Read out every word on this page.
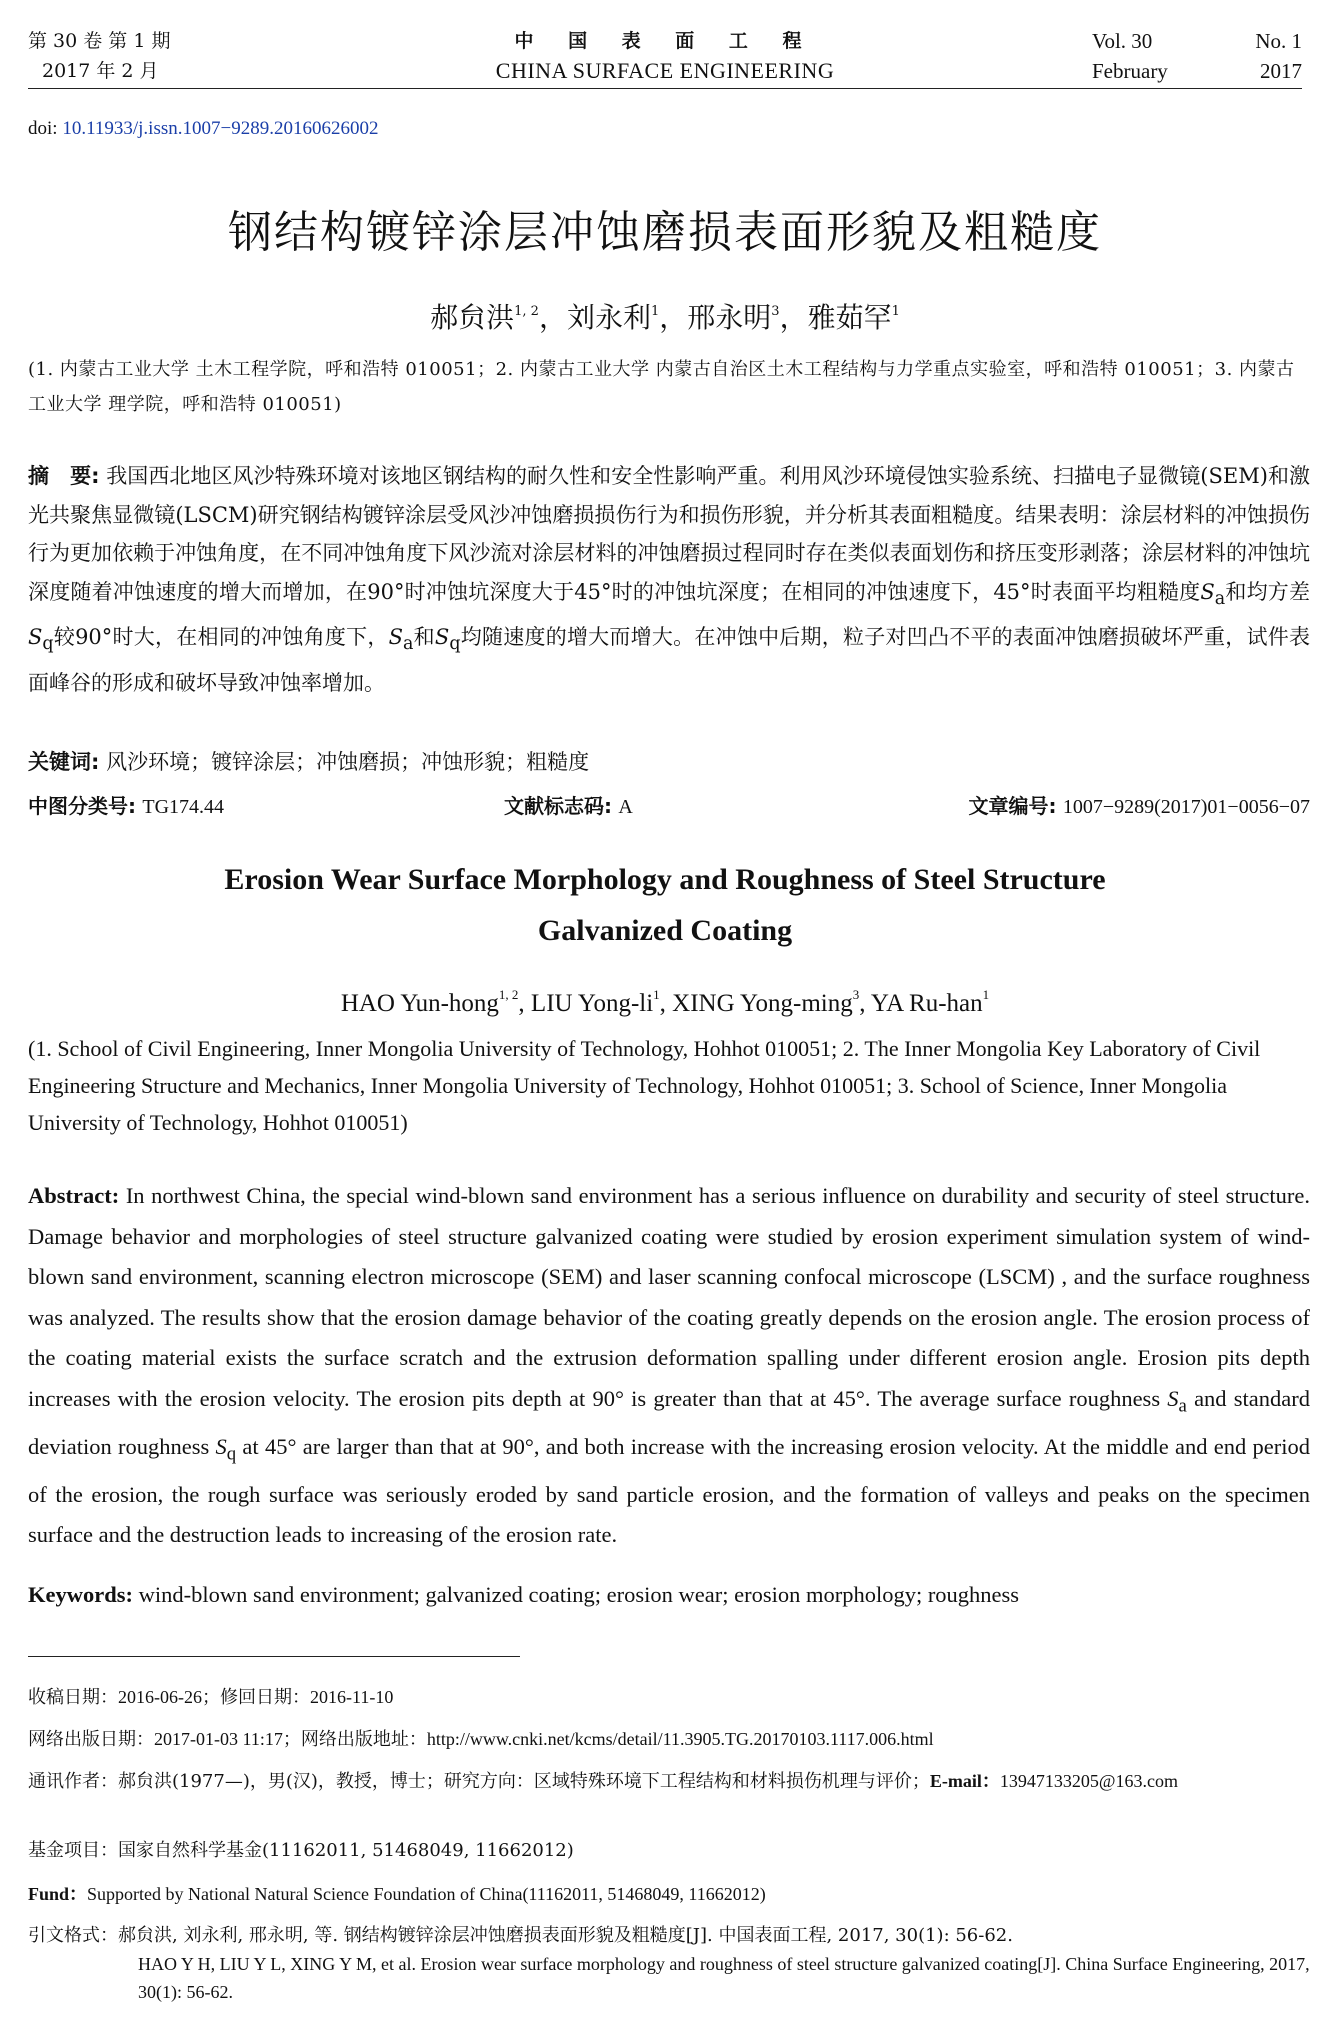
第 30 卷 第 1 期
2017 年 2 月
中 国 表 面 工 程
CHINA SURFACE ENGINEERING
Vol. 30	No. 1
February	2017
doi: 10.11933/j.issn.1007−9289.20160626002
钢结构镀锌涂层冲蚀磨损表面形貌及粗糙度
郝贠洪$^{1, 2}$，刘永利$^1$，邢永明$^3$，雅茹罕$^1$
(1. 内蒙古工业大学 土木工程学院，呼和浩特 010051；2. 内蒙古工业大学 内蒙古自治区土木工程结构与力学重点实验室，呼和浩特 010051；3. 内蒙古工业大学 理学院，呼和浩特 010051)
摘　要: 我国西北地区风沙特殊环境对该地区钢结构的耐久性和安全性影响严重。利用风沙环境侵蚀实验系统、扫描电子显微镜(SEM)和激光共聚焦显微镜(LSCM)研究钢结构镀锌涂层受风沙冲蚀磨损损伤行为和损伤形貌，并分析其表面粗糙度。结果表明：涂层材料的冲蚀损伤行为更加依赖于冲蚀角度，在不同冲蚀角度下风沙流对涂层材料的冲蚀磨损过程同时存在类似表面划伤和挤压变形剥落；涂层材料的冲蚀坑深度随着冲蚀速度的增大而增加，在90°时冲蚀坑深度大于45°时的冲蚀坑深度；在相同的冲蚀速度下，45°时表面平均粗糙度$S_a$和均方差$S_q$较90°时大，在相同的冲蚀角度下，$S_a$和$S_q$均随速度的增大而增大。在冲蚀中后期，粒子对凹凸不平的表面冲蚀磨损破坏严重，试件表面峰谷的形成和破坏导致冲蚀率增加。
关键词: 风沙环境；镀锌涂层；冲蚀磨损；冲蚀形貌；粗糙度
中图分类号: TG174.44	文献标志码: A	文章编号: 1007−9289(2017)01−0056−07
Erosion Wear Surface Morphology and Roughness of Steel Structure
Galvanized Coating
HAO Yun-hong$^{1, 2}$, LIU Yong-$li^1$, XING Yong-ming$^3$, YA Ru-han$^1$
(1. School of Civil Engineering, Inner Mongolia University of Technology, Hohhot 010051; 2. The Inner Mongolia Key Laboratory of Civil Engineering Structure and Mechanics, Inner Mongolia University of Technology, Hohhot 010051; 3. School of Science, Inner Mongolia University of Technology, Hohhot 010051)
Abstract: In northwest China, the special wind-blown sand environment has a serious influence on durability and security of steel structure. Damage behavior and morphologies of steel structure galvanized coating were studied by erosion experiment simulation system of wind-blown sand environment, scanning electron microscope (SEM) and laser scanning confocal microscope (LSCM) , and the surface roughness was analyzed. The results show that the erosion damage behavior of the coating greatly depends on the erosion angle. The erosion process of the coating material exists the surface scratch and the extrusion deformation spalling under different erosion angle. Erosion pits depth increases with the erosion velocity. The erosion pits depth at 90° is greater than that at 45°. The average surface roughness $S_a$ and standard deviation roughness $S_q$ at 45° are larger than that at 90°, and both increase with the increasing erosion velocity. At the middle and end period of the erosion, the rough surface was seriously eroded by sand particle erosion, and the formation of valleys and peaks on the specimen surface and the destruction leads to increasing of the erosion rate.
Keywords: wind-blown sand environment; galvanized coating; erosion wear; erosion morphology; roughness
收稿日期：2016-06-26；修回日期：2016-11-10
网络出版日期：2017-01-03 11:17；网络出版地址：http://www.cnki.net/kcms/detail/11.3905.TG.20170103.1117.006.html
通讯作者：郝贠洪(1977—)，男(汉)，教授，博士；研究方向：区域特殊环境下工程结构和材料损伤机理与评价；E-mail：13947133205@163.com
基金项目：国家自然科学基金(11162011, 51468049, 11662012)
Fund：Supported by National Natural Science Foundation of China(11162011, 51468049, 11662012)
引文格式：郝贠洪, 刘永利, 邢永明, 等. 钢结构镀锌涂层冲蚀磨损表面形貌及粗糙度[J]. 中国表面工程, 2017, 30(1): 56-62.
HAO Y H, LIU Y L, XING Y M, et al. Erosion wear surface morphology and roughness of steel structure galvanized coating[J]. China Surface Engineering, 2017, 30(1): 56-62.
